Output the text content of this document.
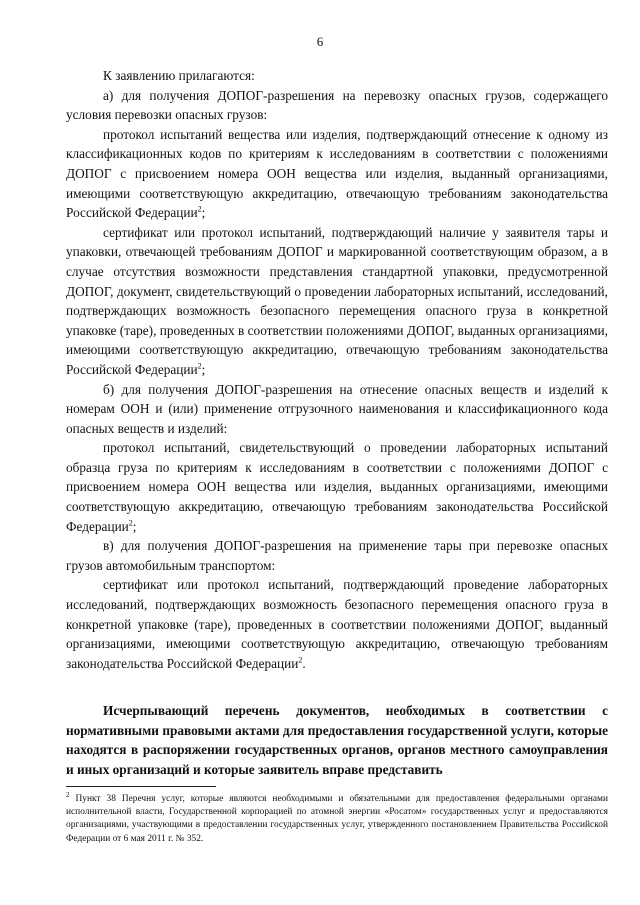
6

К заявлению прилагаются:

а) для получения ДОПОГ-разрешения на перевозку опасных грузов, содержащего условия перевозки опасных грузов:

протокол испытаний вещества или изделия, подтверждающий отнесение к одному из классификационных кодов по критериям к исследованиям в соответствии с положениями ДОПОГ с присвоением номера ООН вещества или изделия, выданный организациями, имеющими соответствующую аккредитацию, отвечающую требованиям законодательства Российской Федерации$^2$;

сертификат или протокол испытаний, подтверждающий наличие у заявителя тары и упаковки, отвечающей требованиям ДОПОГ и маркированной соответствующим образом, а в случае отсутствия возможности представления стандартной упаковки, предусмотренной ДОПОГ, документ, свидетельствующий о проведении лабораторных испытаний, исследований, подтверждающих возможность безопасного перемещения опасного груза в конкретной упаковке (таре), проведенных в соответствии положениями ДОПОГ, выданных организациями, имеющими соответствующую аккредитацию, отвечающую требованиям законодательства Российской Федерации$^2$;

б) для получения ДОПОГ-разрешения на отнесение опасных веществ и изделий к номерам ООН и (или) применение отгрузочного наименования и классификационного кода опасных веществ и изделий:

протокол испытаний, свидетельствующий о проведении лабораторных испытаний образца груза по критериям к исследованиям в соответствии с положениями ДОПОГ с присвоением номера ООН вещества или изделия, выданных организациями, имеющими соответствующую аккредитацию, отвечающую требованиям законодательства Российской Федерации$^2$;

в) для получения ДОПОГ-разрешения на применение тары при перевозке опасных грузов автомобильным транспортом:

сертификат или протокол испытаний, подтверждающий проведение лабораторных исследований, подтверждающих возможность безопасного перемещения опасного груза в конкретной упаковке (таре), проведенных в соответствии положениями ДОПОГ, выданный организациями, имеющими соответствующую аккредитацию, отвечающую требованиям законодательства Российской Федерации$^2$.

Исчерпывающий перечень документов, необходимых в соответствии с нормативными правовыми актами для предоставления государственной услуги, которые находятся в распоряжении государственных органов, органов местного самоуправления и иных организаций и которые заявитель вправе представить

$^2$ Пункт 38 Перечня услуг, которые являются необходимыми и обязательными для предоставления федеральными органами исполнительной власти, Государственной корпорацией по атомной энергии «Росатом» государственных услуг и предоставляются организациями, участвующими в предоставлении государственных услуг, утвержденного постановлением Правительства Российской Федерации от 6 мая 2011 г. № 352.
